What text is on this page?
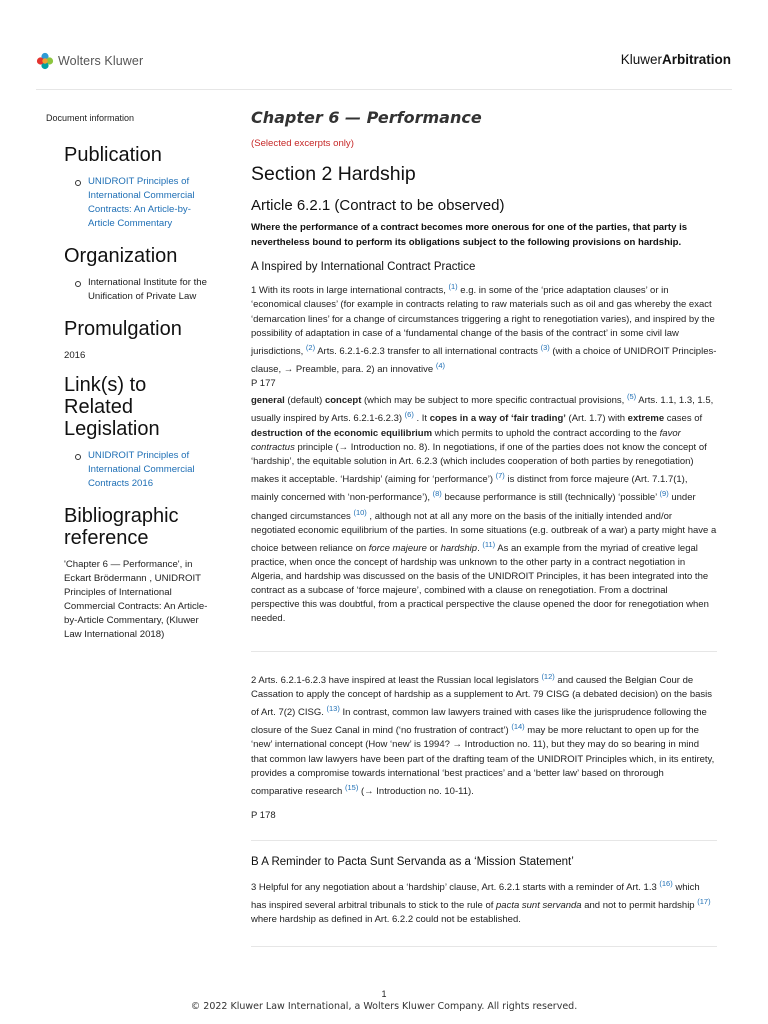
Wolters Kluwer	KluwerArbitration
Document information
Publication
UNIDROIT Principles of International Commercial Contracts: An Article-by-Article Commentary
Organization
International Institute for the Unification of Private Law
Promulgation
2016
Link(s) to Related Legislation
UNIDROIT Principles of International Commercial Contracts 2016
Bibliographic reference
'Chapter 6 — Performance', in Eckart Brödermann , UNIDROIT Principles of International Commercial Contracts: An Article-by-Article Commentary, (Kluwer Law International 2018)
Chapter 6 — Performance
(Selected excerpts only)
Section 2 Hardship
Article 6.2.1 (Contract to be observed)
Where the performance of a contract becomes more onerous for one of the parties, that party is nevertheless bound to perform its obligations subject to the following provisions on hardship.
A Inspired by International Contract Practice
1 With its roots in large international contracts, $^{(1)}$ e.g. in some of the ‘price adaptation clauses’ or in ‘economical clauses’ (for example in contracts relating to raw materials such as oil and gas whereby the exact ‘demarcation lines’ for a change of circumstances triggering a right to renegotiation varies), and inspired by the possibility of adaptation in case of a ‘fundamental change of the basis of the contract’ in some civil law jurisdictions, $^{(2)}$ Arts. 6.2.1-6.2.3 transfer to all international contracts $^{(3)}$ (with a choice of UNIDROIT Principles-clause, → Preamble, para. 2) an innovative $^{(4)}$
P 177
general (default) concept (which may be subject to more specific contractual provisions, $^{(5)}$ Arts. 1.1, 1.3, 1.5, usually inspired by Arts. 6.2.1-6.2.3) $^{(6)}$ . It copes in a way of ‘fair trading’ (Art. 1.7) with extreme cases of destruction of the economic equilibrium which permits to uphold the contract according to the favor contractus principle (→ Introduction no. 8). In negotiations, if one of the parties does not know the concept of ‘hardship’, the equitable solution in Art. 6.2.3 (which includes cooperation of both parties by renegotiation) makes it acceptable. ‘Hardship’ (aiming for ‘performance’) $^{(7)}$ is distinct from force majeure (Art. 7.1.7(1), mainly concerned with ‘non-performance’), $^{(8)}$ because performance is still (technically) ‘possible’ $^{(9)}$ under changed circumstances $^{(10)}$ , although not at all any more on the basis of the initially intended and/or negotiated economic equilibrium of the parties. In some situations (e.g. outbreak of a war) a party might have a choice between reliance on force majeure or hardship. $^{(11)}$ As an example from the myriad of creative legal practice, when once the concept of hardship was unknown to the other party in a contract negotiation in Algeria, and hardship was discussed on the basis of the UNIDROIT Principles, it has been integrated into the contract as a subcase of ‘force majeure’, combined with a clause on renegotiation. From a doctrinal perspective this was doubtful, from a practical perspective the clause opened the door for renegotiation when needed.
2 Arts. 6.2.1-6.2.3 have inspired at least the Russian local legislators $^{(12)}$ and caused the Belgian Cour de Cassation to apply the concept of hardship as a supplement to Art. 79 CISG (a debated decision) on the basis of Art. 7(2) CISG. $^{(13)}$ In contrast, common law lawyers trained with cases like the jurisprudence following the closure of the Suez Canal in mind (‘no frustration of contract’) $^{(14)}$ may be more reluctant to open up for the ‘new’ international concept (How ‘new’ is 1994? → Introduction no. 11), but they may do so bearing in mind that common law lawyers have been part of the drafting team of the UNIDROIT Principles which, in its entirety, provides a compromise towards international ‘best practices’ and a ‘better law’ based on throrough comparative research $^{(15)}$ (→ Introduction no. 10-11).
P 178
B A Reminder to Pacta Sunt Servanda as a ‘Mission Statement’
3 Helpful for any negotiation about a ‘hardship’ clause, Art. 6.2.1 starts with a reminder of Art. 1.3 $^{(16)}$ which has inspired several arbitral tribunals to stick to the rule of pacta sunt servanda and not to permit hardship $^{(17)}$ where hardship as defined in Art. 6.2.2 could not be established.
1
© 2022 Kluwer Law International, a Wolters Kluwer Company. All rights reserved.
